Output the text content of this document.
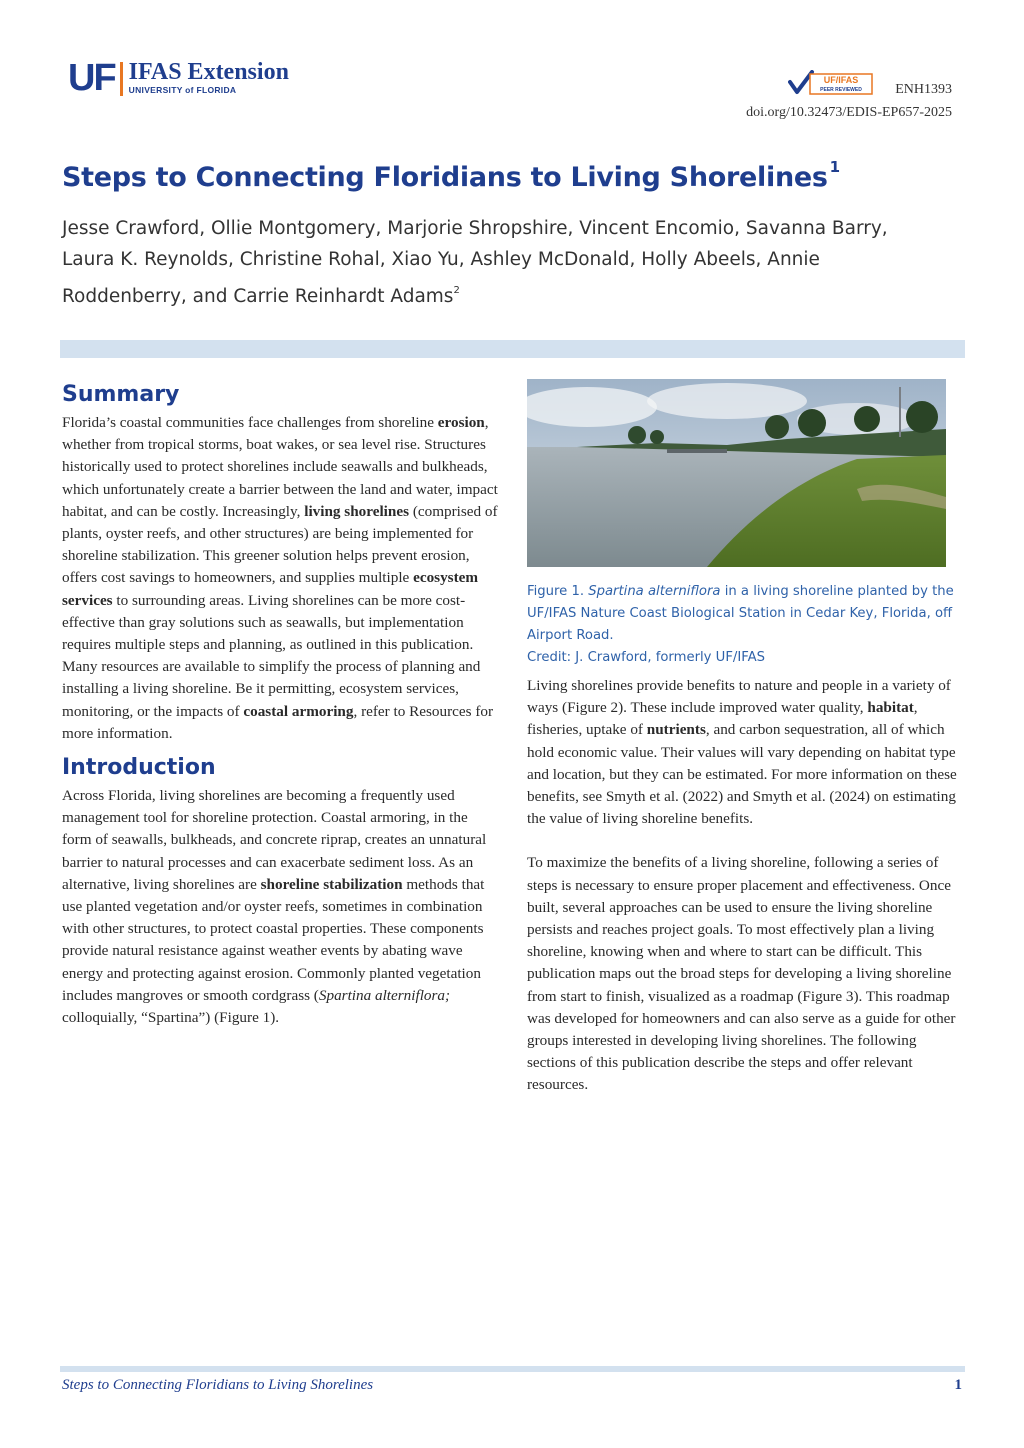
UF IFAS Extension
UNIVERSITY of FLORIDA
UF/IFAS
PEER REVIEWED ENH1393
doi.org/10.32473/EDIS-EP657-2025
Steps to Connecting Floridians to Living Shorelines $^1$
Jesse Crawford, Ollie Montgomery, Marjorie Shropshire, Vincent Encomio, Savanna Barry,
Laura K. Reynolds, Christine Rohal, Xiao Yu, Ashley McDonald, Holly Abeels, Annie
Roddenberry, and Carrie Reinhardt Adams$^2$
Summary

Florida’s coastal communities face challenges from shoreline erosion, whether from tropical storms, boat wakes, or sea level rise. Structures historically used to protect shorelines include seawalls and bulkheads, which unfortunately create a barrier between the land and water, impact habitat, and can be costly. Increasingly, living shorelines (comprised of plants, oyster reefs, and other structures) are being implemented for shoreline stabilization. This greener solution helps prevent erosion, offers cost savings to homeowners, and supplies multiple ecosystem services to surrounding areas. Living shorelines can be more cost-effective than gray solutions such as seawalls, but implementation requires multiple steps and planning, as outlined in this publication. Many resources are available to simplify the process of planning and installing a living shoreline. Be it permitting, ecosystem services, monitoring, or the impacts of coastal armoring, refer to Resources for more information.

Introduction

Across Florida, living shorelines are becoming a frequently used management tool for shoreline protection. Coastal armoring, in the form of seawalls, bulkheads, and concrete riprap, creates an unnatural barrier to natural processes and can exacerbate sediment loss. As an alternative, living shorelines are shoreline stabilization methods that use planted vegetation and/or oyster reefs, sometimes in combination with other structures, to protect coastal properties. These components provide natural resistance against weather events by abating wave energy and protecting against erosion. Commonly planted vegetation includes mangroves or smooth cordgrass (Spartina alterniflora; colloquially, “Spartina”) (Figure 1).

Figure 1. Spartina alterniflora in a living shoreline planted by the UF/IFAS Nature Coast Biological Station in Cedar Key, Florida, off Airport Road.
Credit: J. Crawford, formerly UF/IFAS

Living shorelines provide benefits to nature and people in a variety of ways (Figure 2). These include improved water quality, habitat, fisheries, uptake of nutrients, and carbon sequestration, all of which hold economic value. Their values will vary depending on habitat type and location, but they can be estimated. For more information on these benefits, see Smyth et al. (2022) and Smyth et al. (2024) on estimating the value of living shoreline benefits.

To maximize the benefits of a living shoreline, following a series of steps is necessary to ensure proper placement and effectiveness. Once built, several approaches can be used to ensure the living shoreline persists and reaches project goals. To most effectively plan a living shoreline, knowing when and where to start can be difficult. This publication maps out the broad steps for developing a living shoreline from start to finish, visualized as a roadmap (Figure 3). This roadmap was developed for homeowners and can also serve as a guide for other groups interested in developing living shorelines. The following sections of this publication describe the steps and offer relevant resources.

Steps to Connecting Floridians to Living Shorelines	1
